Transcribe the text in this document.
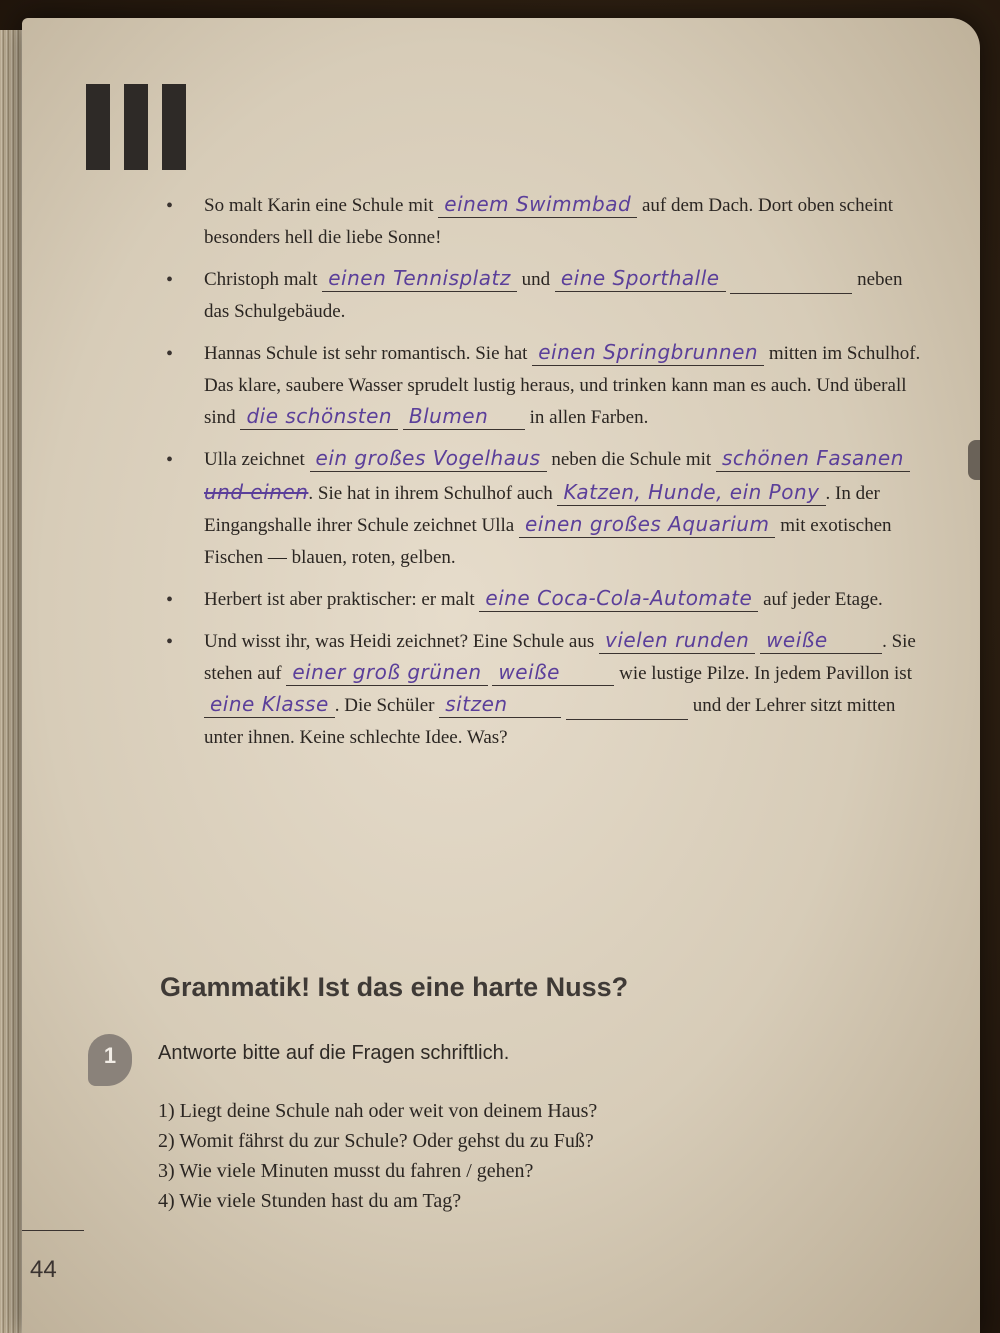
• So malt Karin eine Schule mit einem Swimmbad auf dem Dach. Dort oben scheint besonders hell die liebe Sonne!
• Christoph malt einen Tennisplatz und eine Sporthalle	neben das Schulgebäude.
• Hannas Schule ist sehr romantisch. Sie hat einen Springbrunnen mitten im Schulhof. Das klare, saubere Wasser sprudelt lustig heraus, und trinken kann man es auch. Und überall sind die schönsten Blumen in allen Farben.
• Ulla zeichnet ein großes Vogelhaus neben die Schule mit schönen Fasanen und einen. Sie hat in ihrem Schulhof auch Katzen, Hunde, ein Pony . In der Eingangshalle ihrer Schule zeichnet Ulla einen großes Aquarium mit exotischen Fischen — blauen, roten, gelben.
• Herbert ist aber praktischer: er malt eine Coca-Cola-Automate auf jeder Etage.
• Und wisst ihr, was Heidi zeichnet? Eine Schule aus vielen runden weiße	. Sie stehen auf einer groß grünen weiße	wie lustige Pilze. In jedem Pavillon ist eine Klasse . Die Schüler sitzen	und der Lehrer sitzt mitten unter ihnen. Keine schlechte Idee. Was?
Grammatik! Ist das eine harte Nuss?
1	Antworte bitte auf die Fragen schriftlich.
1) Liegt deine Schule nah oder weit von deinem Haus?
2) Womit fährst du zur Schule? Oder gehst du zu Fuß?
3) Wie viele Minuten musst du fahren / gehen?
4) Wie viele Stunden hast du am Tag?
44
